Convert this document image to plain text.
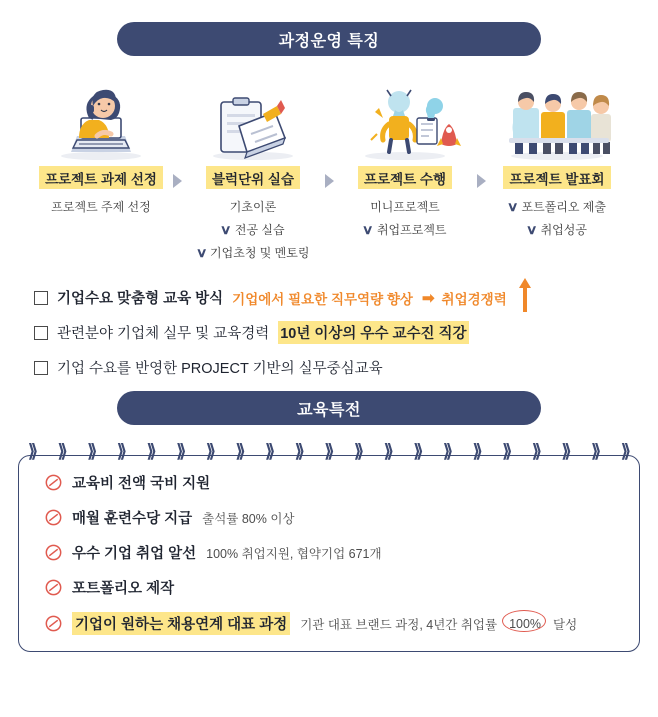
과정운영 특징
프로젝트 과제 선정
프로젝트 주제 선정
블럭단위 실습
기초이론
∨ 전공 실습
∨ 기업초청 및 멘토링
프로젝트 수행
미니프로젝트
∨ 취업프로젝트
프로젝트 발표회
∨ 포트폴리오 제출
∨ 취업성공
기업수요 맞춤형 교육 방식 기업에서 필요한 직무역량 향상 ➡ 취업경쟁력
관련분야 기업체 실무 및 교육경력 10년 이상의 우수 교수진 직강
기업 수요를 반영한 PROJECT 기반의 실무중심교육
교육특전
⟫ ⟫ ⟫ ⟫ ⟫ ⟫ ⟫ ⟫ ⟫ ⟫ ⟫ ⟫ ⟫ ⟫ ⟫ ⟫ ⟫ ⟫ ⟫ ⟫ ⟫
교육비 전액 국비 지원
매월 훈련수당 지급 출석률 80% 이상
우수 기업 취업 알선 100% 취업지원, 협약기업 671개
포트폴리오 제작
기업이 원하는 채용연계 대표 과정 기관 대표 브랜드 과정, 4년간 취업률 100% 달성
